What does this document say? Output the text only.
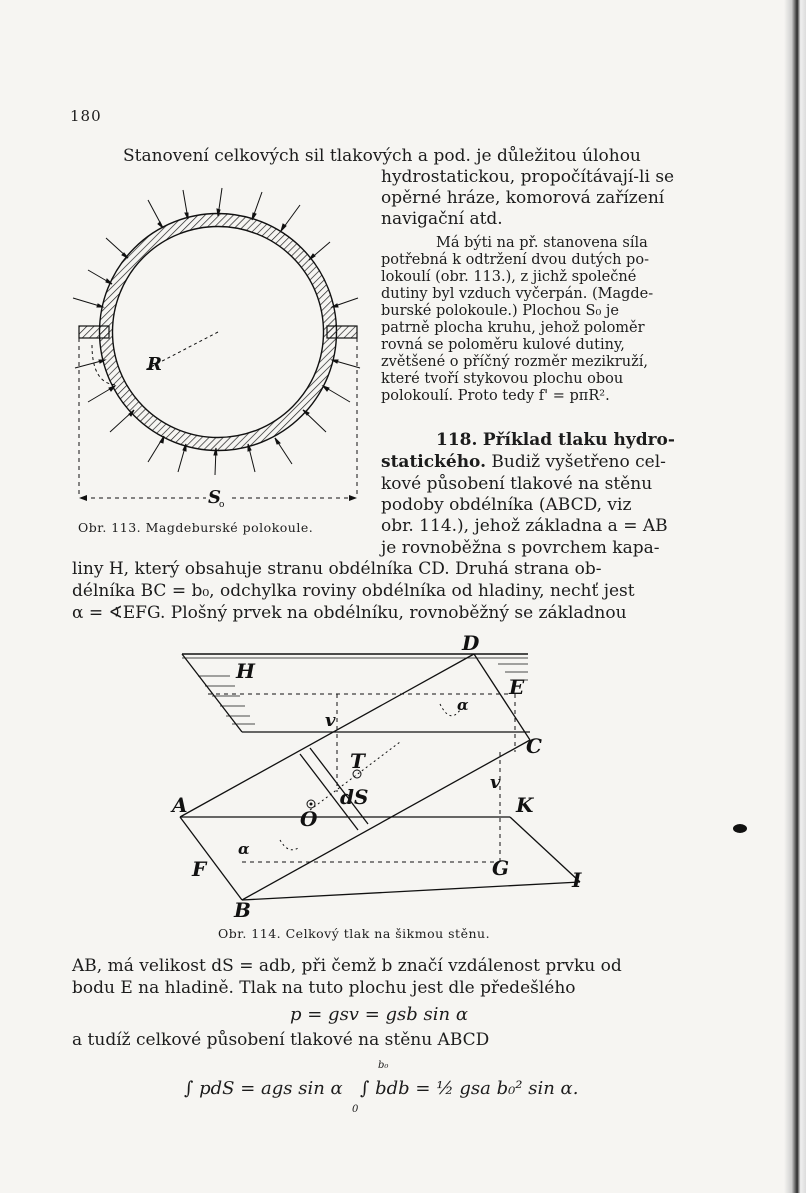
180
Stanovení celkových sil tlakových a pod. je důležitou úlohou
hydrostatickou, propočítávají-li se
opěrné hráze, komorová zařízení
navigační atd.
Má býti na př. stanovena síla
potřebná k odtržení dvou dutých po-
lokoulí (obr. 113.), z jichž společné
dutiny byl vzduch vyčerpán. (Magde-
burské polokoule.) Plochou S₀ je
patrně plocha kruhu, jehož poloměr
rovná se poloměru kulové dutiny,
zvětšené o příčný rozměr mezikruží,
které tvoří stykovou plochu obou
polokoulí. Proto tedy f' = pπR².
R
S
o
Obr. 113. Magdeburské polokoule.
118. Příklad tlaku hydro-
statického. Budiž vyšetřeno cel-
kové působení tlakové na stěnu
podoby obdélníka (ABCD, viz
obr. 114.), jehož základna a = AB
je rovnoběžna s povrchem kapa-
liny H, který obsahuje stranu obdélníka CD. Druhá strana ob-
délníka BC = b₀, odchylka roviny obdélníka od hladiny, nechť jest
α = ∢EFG. Plošný prvek na obdélníku, rovnoběžný se základnou
H
D
E
C
v
v
α
α
T
A	dS
O
K
F	G	I
B
Obr. 114. Celkový tlak na šikmou stěnu.
AB, má velikost dS = adb, při čemž b značí vzdálenost prvku od
bodu E na hladině. Tlak na tuto plochu jest dle předešlého
p = gsv = gsb sin α
a tudíž celkové působení tlakové na stěnu ABCD
∫ pdS = ags sin α
b₀
0
∫ bdb = ½ gsa b₀² sin α.
